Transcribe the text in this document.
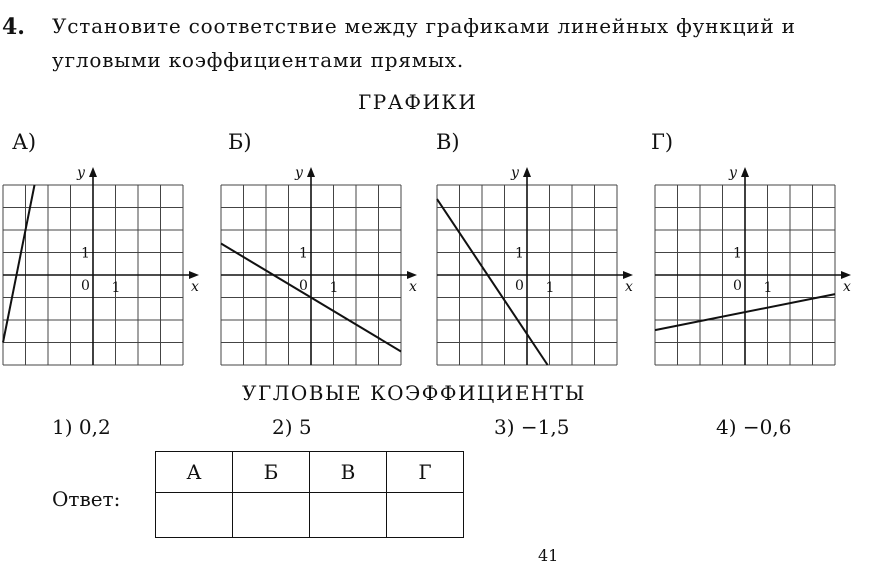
4. Установите соответствие между графиками линейных функций и
угловыми коэффициентами прямых.
ГРАФИКИ
А)	Б)	В)	Г)
x
y
0 1
1
x
y
0 1
1
x
y
0 1
1
x
y
0 1
1
УГЛОВЫЕ КОЭФФИЦИЕНТЫ
1) 0,2	2) 5	3) −1,5	4) −0,6
Ответ:
А	Б	В	Г

41
